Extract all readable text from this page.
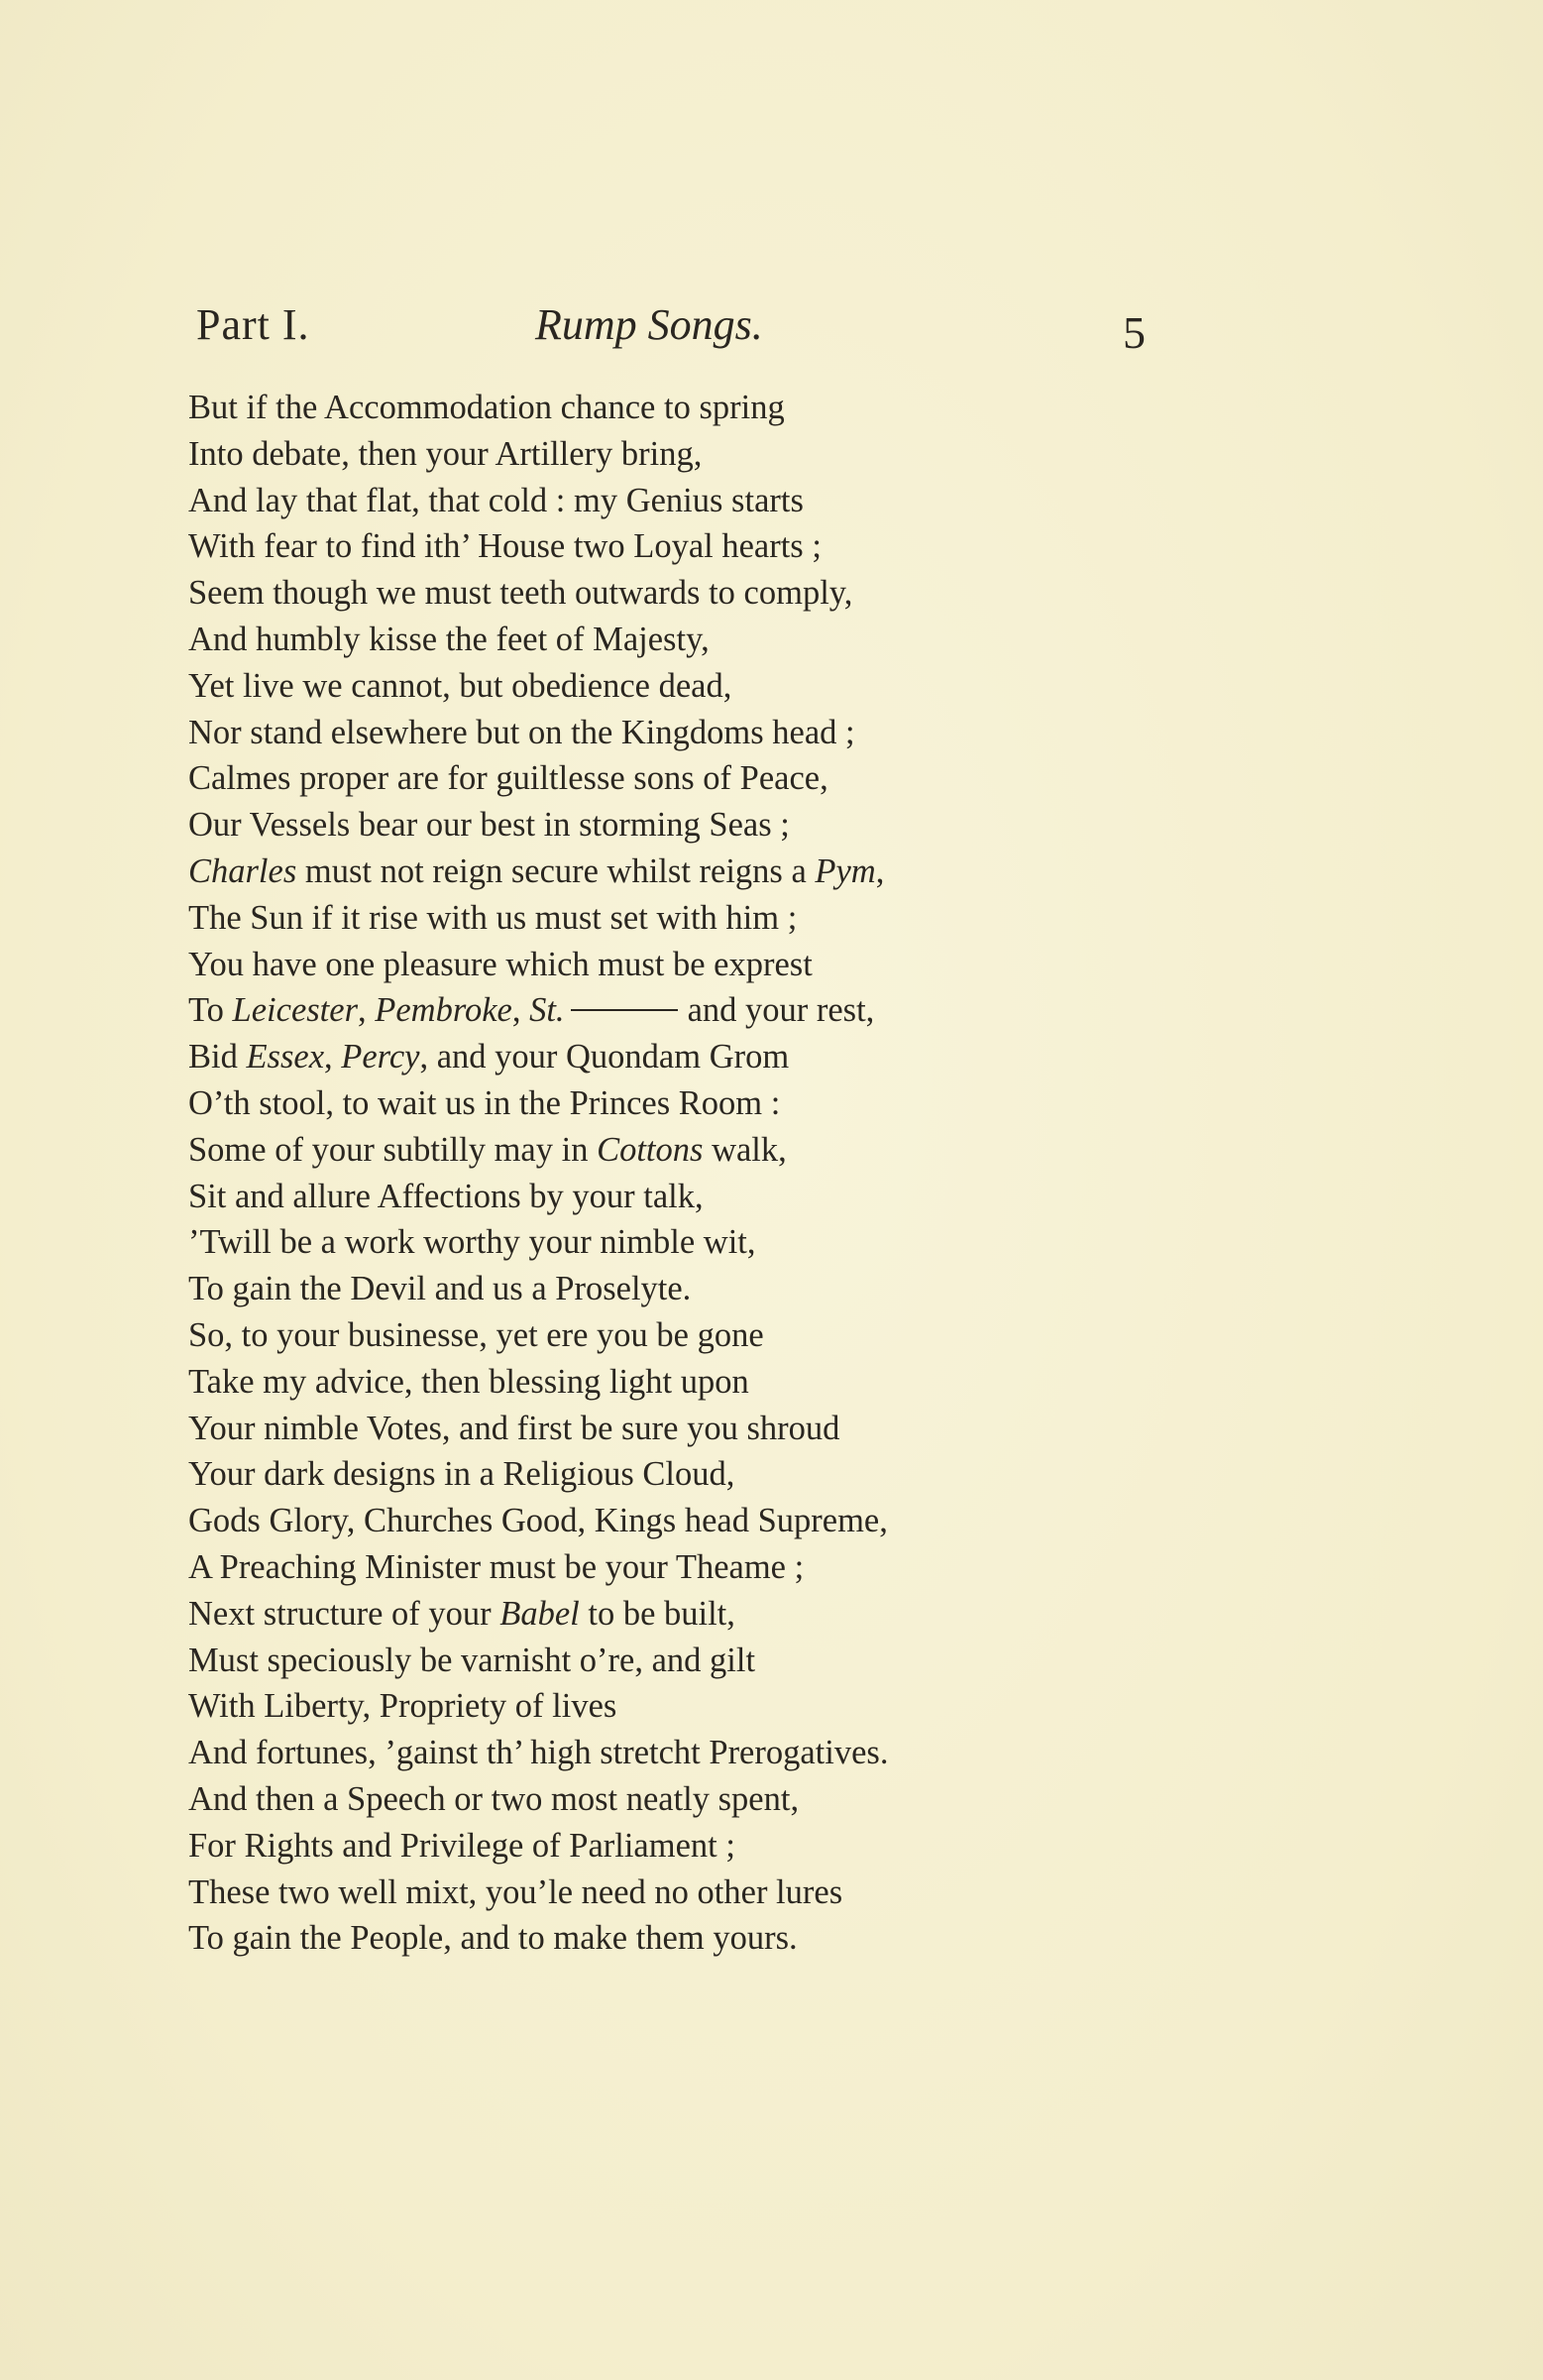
Part I.	Rump Songs.	5
But if the Accommodation chance to spring
Into debate, then your Artillery bring,
And lay that flat, that cold : my Genius starts
With fear to find ith’ House two Loyal hearts ;
Seem though we must teeth outwards to comply,
And humbly kisse the feet of Majesty,
Yet live we cannot, but obedience dead,
Nor stand elsewhere but on the Kingdoms head ;
Calmes proper are for guiltlesse sons of Peace,
Our Vessels bear our best in storming Seas ;
Charles must not reign secure whilst reigns a Pym,
The Sun if it rise with us must set with him ;
You have one pleasure which must be exprest
To Leicester, Pembroke, St.	and your rest,
Bid Essex, Percy, and your Quondam Grom
O’th stool, to wait us in the Princes Room :
Some of your subtilly may in Cottons walk,
Sit and allure Affections by your talk,
’Twill be a work worthy your nimble wit,
To gain the Devil and us a Proselyte.
So, to your businesse, yet ere you be gone
Take my advice, then blessing light upon
Your nimble Votes, and first be sure you shroud
Your dark designs in a Religious Cloud,
Gods Glory, Churches Good, Kings head Supreme,
A Preaching Minister must be your Theame ;
Next structure of your Babel to be built,
Must speciously be varnisht o’re, and gilt
With Liberty, Propriety of lives
And fortunes, ’gainst th’ high stretcht Prerogatives.
And then a Speech or two most neatly spent,
For Rights and Privilege of Parliament ;
These two well mixt, you’le need no other lures
To gain the People, and to make them yours.
